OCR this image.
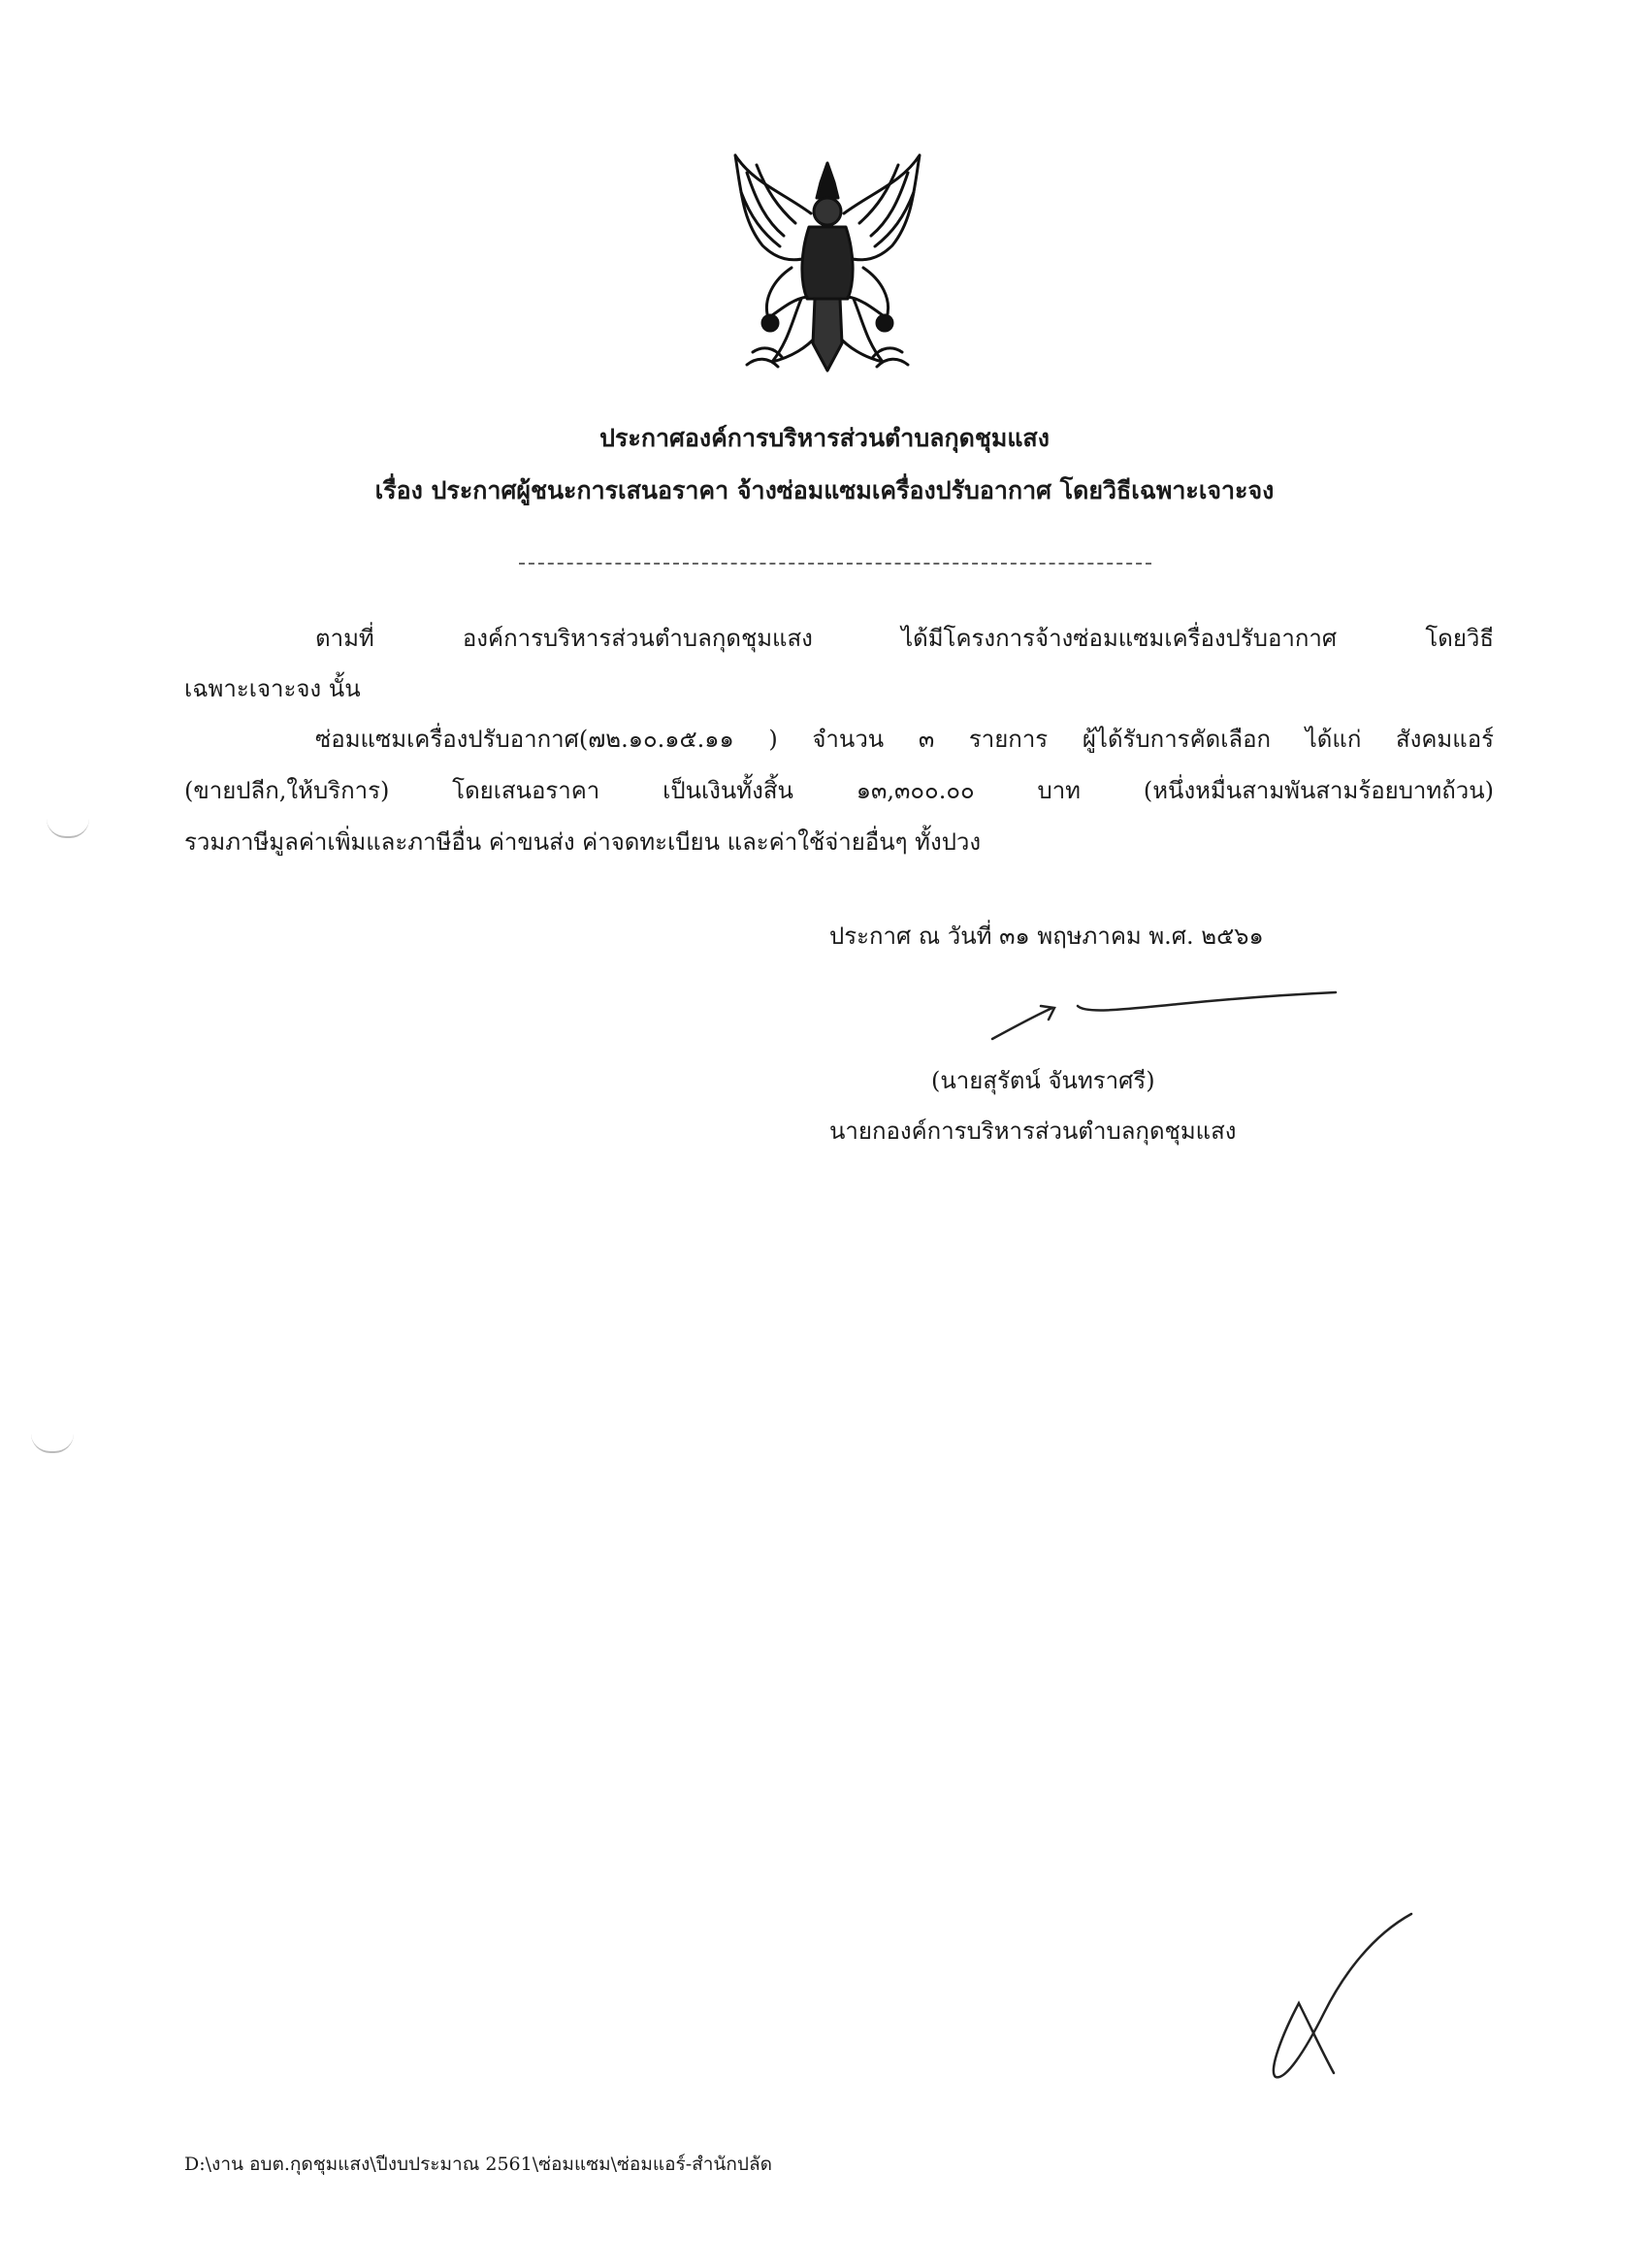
ประกาศองค์การบริหารส่วนตำบลกุดชุมแสง
เรื่อง ประกาศผู้ชนะการเสนอราคา จ้างซ่อมแซมเครื่องปรับอากาศ โดยวิธีเฉพาะเจาะจง
ตามที่ องค์การบริหารส่วนตำบลกุดชุมแสง ได้มีโครงการจ้างซ่อมแซมเครื่องปรับอากาศ โดยวิธี
เฉพาะเจาะจง นั้น
ซ่อมแซมเครื่องปรับอากาศ(๗๒.๑๐.๑๕.๑๑ ) จำนวน ๓ รายการ ผู้ได้รับการคัดเลือก ได้แก่ สังคมแอร์
(ขายปลีก,ให้บริการ) โดยเสนอราคา เป็นเงินทั้งสิ้น ๑๓,๓๐๐.๐๐ บาท (หนึ่งหมื่นสามพันสามร้อยบาทถ้วน)
รวมภาษีมูลค่าเพิ่มและภาษีอื่น ค่าขนส่ง ค่าจดทะเบียน และค่าใช้จ่ายอื่นๆ ทั้งปวง
ประกาศ ณ วันที่ ๓๑ พฤษภาคม พ.ศ. ๒๕๖๑
(นายสุรัตน์ จันทราศรี)
นายกองค์การบริหารส่วนตำบลกุดชุมแสง
D:\งาน อบต.กุดชุมแสง\ปีงบประมาณ 2561\ซ่อมแซม\ซ่อมแอร์-สำนักปลัด
